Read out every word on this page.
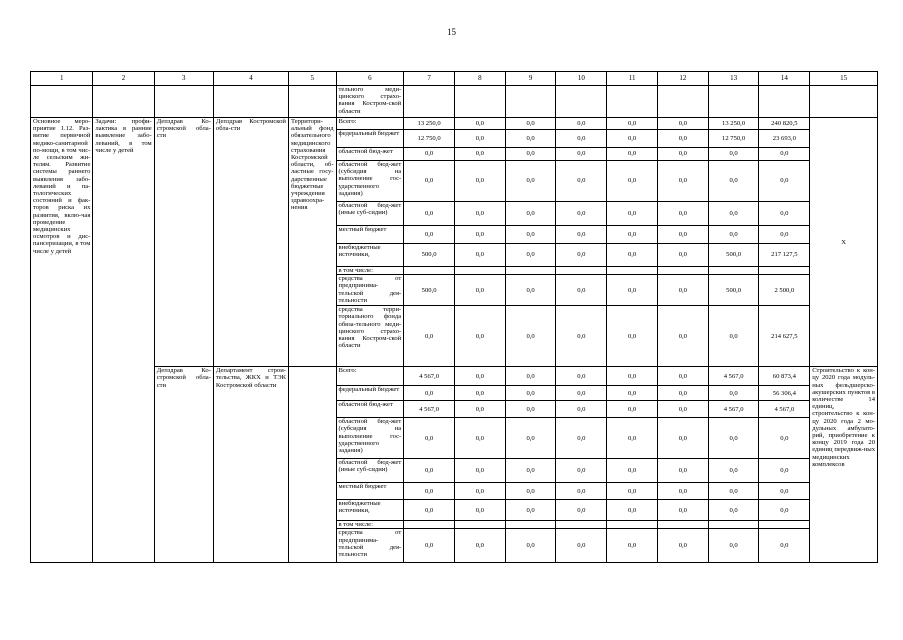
15
1	2	3	4	5	6	7	8	9	10	11	12	13	14	15
					тельного меди-цинского страхо-вания Костром-ской области									
Основное меро-приятие 1.12. Раз-витие первичной медико-санитарной по-мощи, в том чис-ле сельским жи-телям. Развитие системы раннего выявления забо-леваний и па-тологических состояний и фак-торов риска их развития, вклю-чая проведение медицинских осмотров и дис-пансеризации, в том числе у детей	Задачи: профи-лактика в ранние выявление забо-леваний, в том числе у детей	Депздрав Ко-стромской обла-сти	Депздрав Костромской обла-сти	Территори-альный фонд обязательного медицинского страхования Костромской области, об-ластные госу-дарственные бюджетные учреждения здравоохра-нения	Всего:	13 250,0	0,0	0,0	0,0	0,0	0,0	13 250,0	240 820,5	X
					федеральный бюджет	12 750,0	0,0	0,0	0,0	0,0	0,0	12 750,0	23 693,0	
					областной бюд-жет	0,0	0,0	0,0	0,0	0,0	0,0	0,0	0,0	
					областной бюд-жет (субсидия на выполнение гос-ударственного задания)	0,0	0,0	0,0	0,0	0,0	0,0	0,0	0,0	
					областной бюд-жет (иные суб-сидии)	0,0	0,0	0,0	0,0	0,0	0,0	0,0	0,0	
					местный бюджет	0,0	0,0	0,0	0,0	0,0	0,0	0,0	0,0	
					внебюджетные источники,	500,0	0,0	0,0	0,0	0,0	0,0	500,0	217 127,5	
					в том числе:									
					средства от предпринима-тельской дея-тельности	500,0	0,0	0,0	0,0	0,0	0,0	500,0	2 500,0	
					средства терри-ториального фонда обяза-тельного меди-цинского страхо-вания Костром-ской области	0,0	0,0	0,0	0,0	0,0	0,0	0,0	214 627,5	
		Депздрав Ко-стромской обла-сти	Департамент строи-тельства, ЖКХ и ТЭК Костромской области		Всего:	4 567,0	0,0	0,0	0,0	0,0	0,0	4 567,0	60 873,4	Строительство к кон-цу 2020 года модуль-ных фельдшерско-акушерских пунктов в количестве 14 единиц, строительство к кон-цу 2020 года 2 мо-дульных амбулато-рий, приобретение к концу 2019 года 20 единиц передвиж-ных медицинских комплексов
					федеральный бюджет	0,0	0,0	0,0	0,0	0,0	0,0	0,0	56 306,4	
					областной бюд-жет	4 567,0	0,0	0,0	0,0	0,0	0,0	4 567,0	4 567,0	
					областной бюд-жет (субсидия на выполнение гос-ударственного задания)	0,0	0,0	0,0	0,0	0,0	0,0	0,0	0,0	
					областной бюд-жет (иные суб-сидии)	0,0	0,0	0,0	0,0	0,0	0,0	0,0	0,0	
					местный бюджет	0,0	0,0	0,0	0,0	0,0	0,0	0,0	0,0	
					внебюджетные источники,	0,0	0,0	0,0	0,0	0,0	0,0	0,0	0,0	
					в том числе:									
					средства от предпринима-тельской дея-тельности	0,0	0,0	0,0	0,0	0,0	0,0	0,0	0,0	
